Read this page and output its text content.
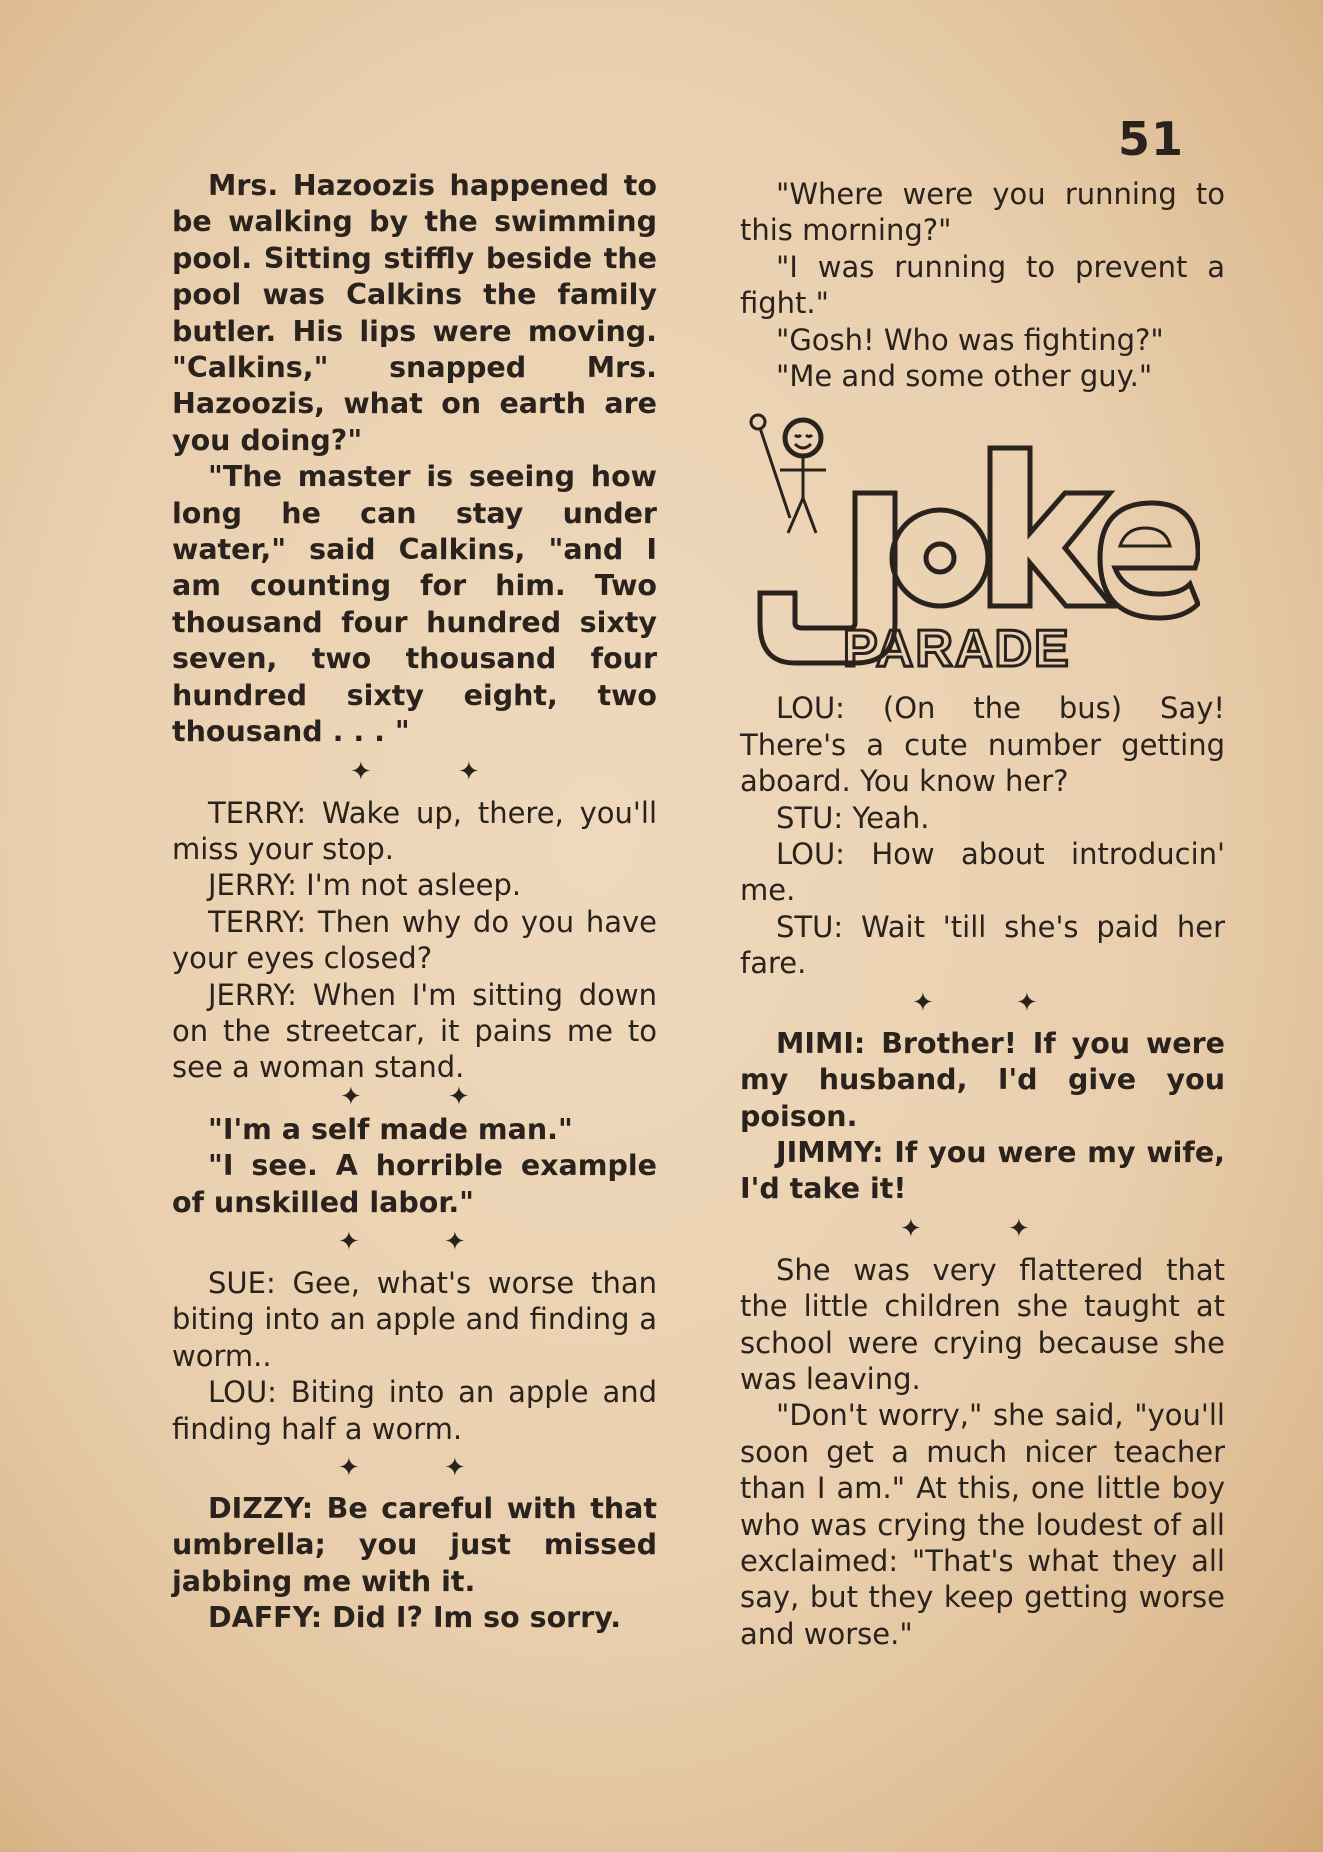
51

Mrs. Hazoozis happened to be walking by the swimming pool. Sitting stiffly beside the pool was Calkins the family butler. His lips were moving. "Calkins," snapped Mrs. Hazoozis, what on earth are you doing?"

"The master is seeing how long he can stay under water," said Calkins, "and I am counting for him. Two thousand four hundred sixty seven, two thousand four hundred sixty eight, two thousand . . . "

✦	✦

TERRY: Wake up, there, you'll miss your stop.

JERRY: I'm not asleep.

TERRY: Then why do you have your eyes closed?

JERRY: When I'm sitting down on the streetcar, it pains me to see a woman stand.

✦	✦

"I'm a self made man."

"I see. A horrible example of unskilled labor."

✦	✦

SUE: Gee, what's worse than biting into an apple and finding a worm..

LOU: Biting into an apple and finding half a worm.

✦	✦

DIZZY: Be careful with that umbrella; you just missed jabbing me with it.

DAFFY: Did I? Im so sorry.

"Where were you running to this morning?"

"I was running to prevent a fight."

"Gosh! Who was fighting?"

"Me and some other guy."

PARADE

LOU: (On the bus) Say! There's a cute number getting aboard. You know her?

STU: Yeah.

LOU: How about introducin' me.

STU: Wait 'till she's paid her fare.

✦	✦

MIMI: Brother! If you were my husband, I'd give you poison.

JIMMY: If you were my wife, I'd take it!

✦	✦

She was very flattered that the little children she taught at school were crying because she was leaving.

"Don't worry," she said, "you'll soon get a much nicer teacher than I am." At this, one little boy who was crying the loudest of all exclaimed: "That's what they all say, but they keep getting worse and worse."
